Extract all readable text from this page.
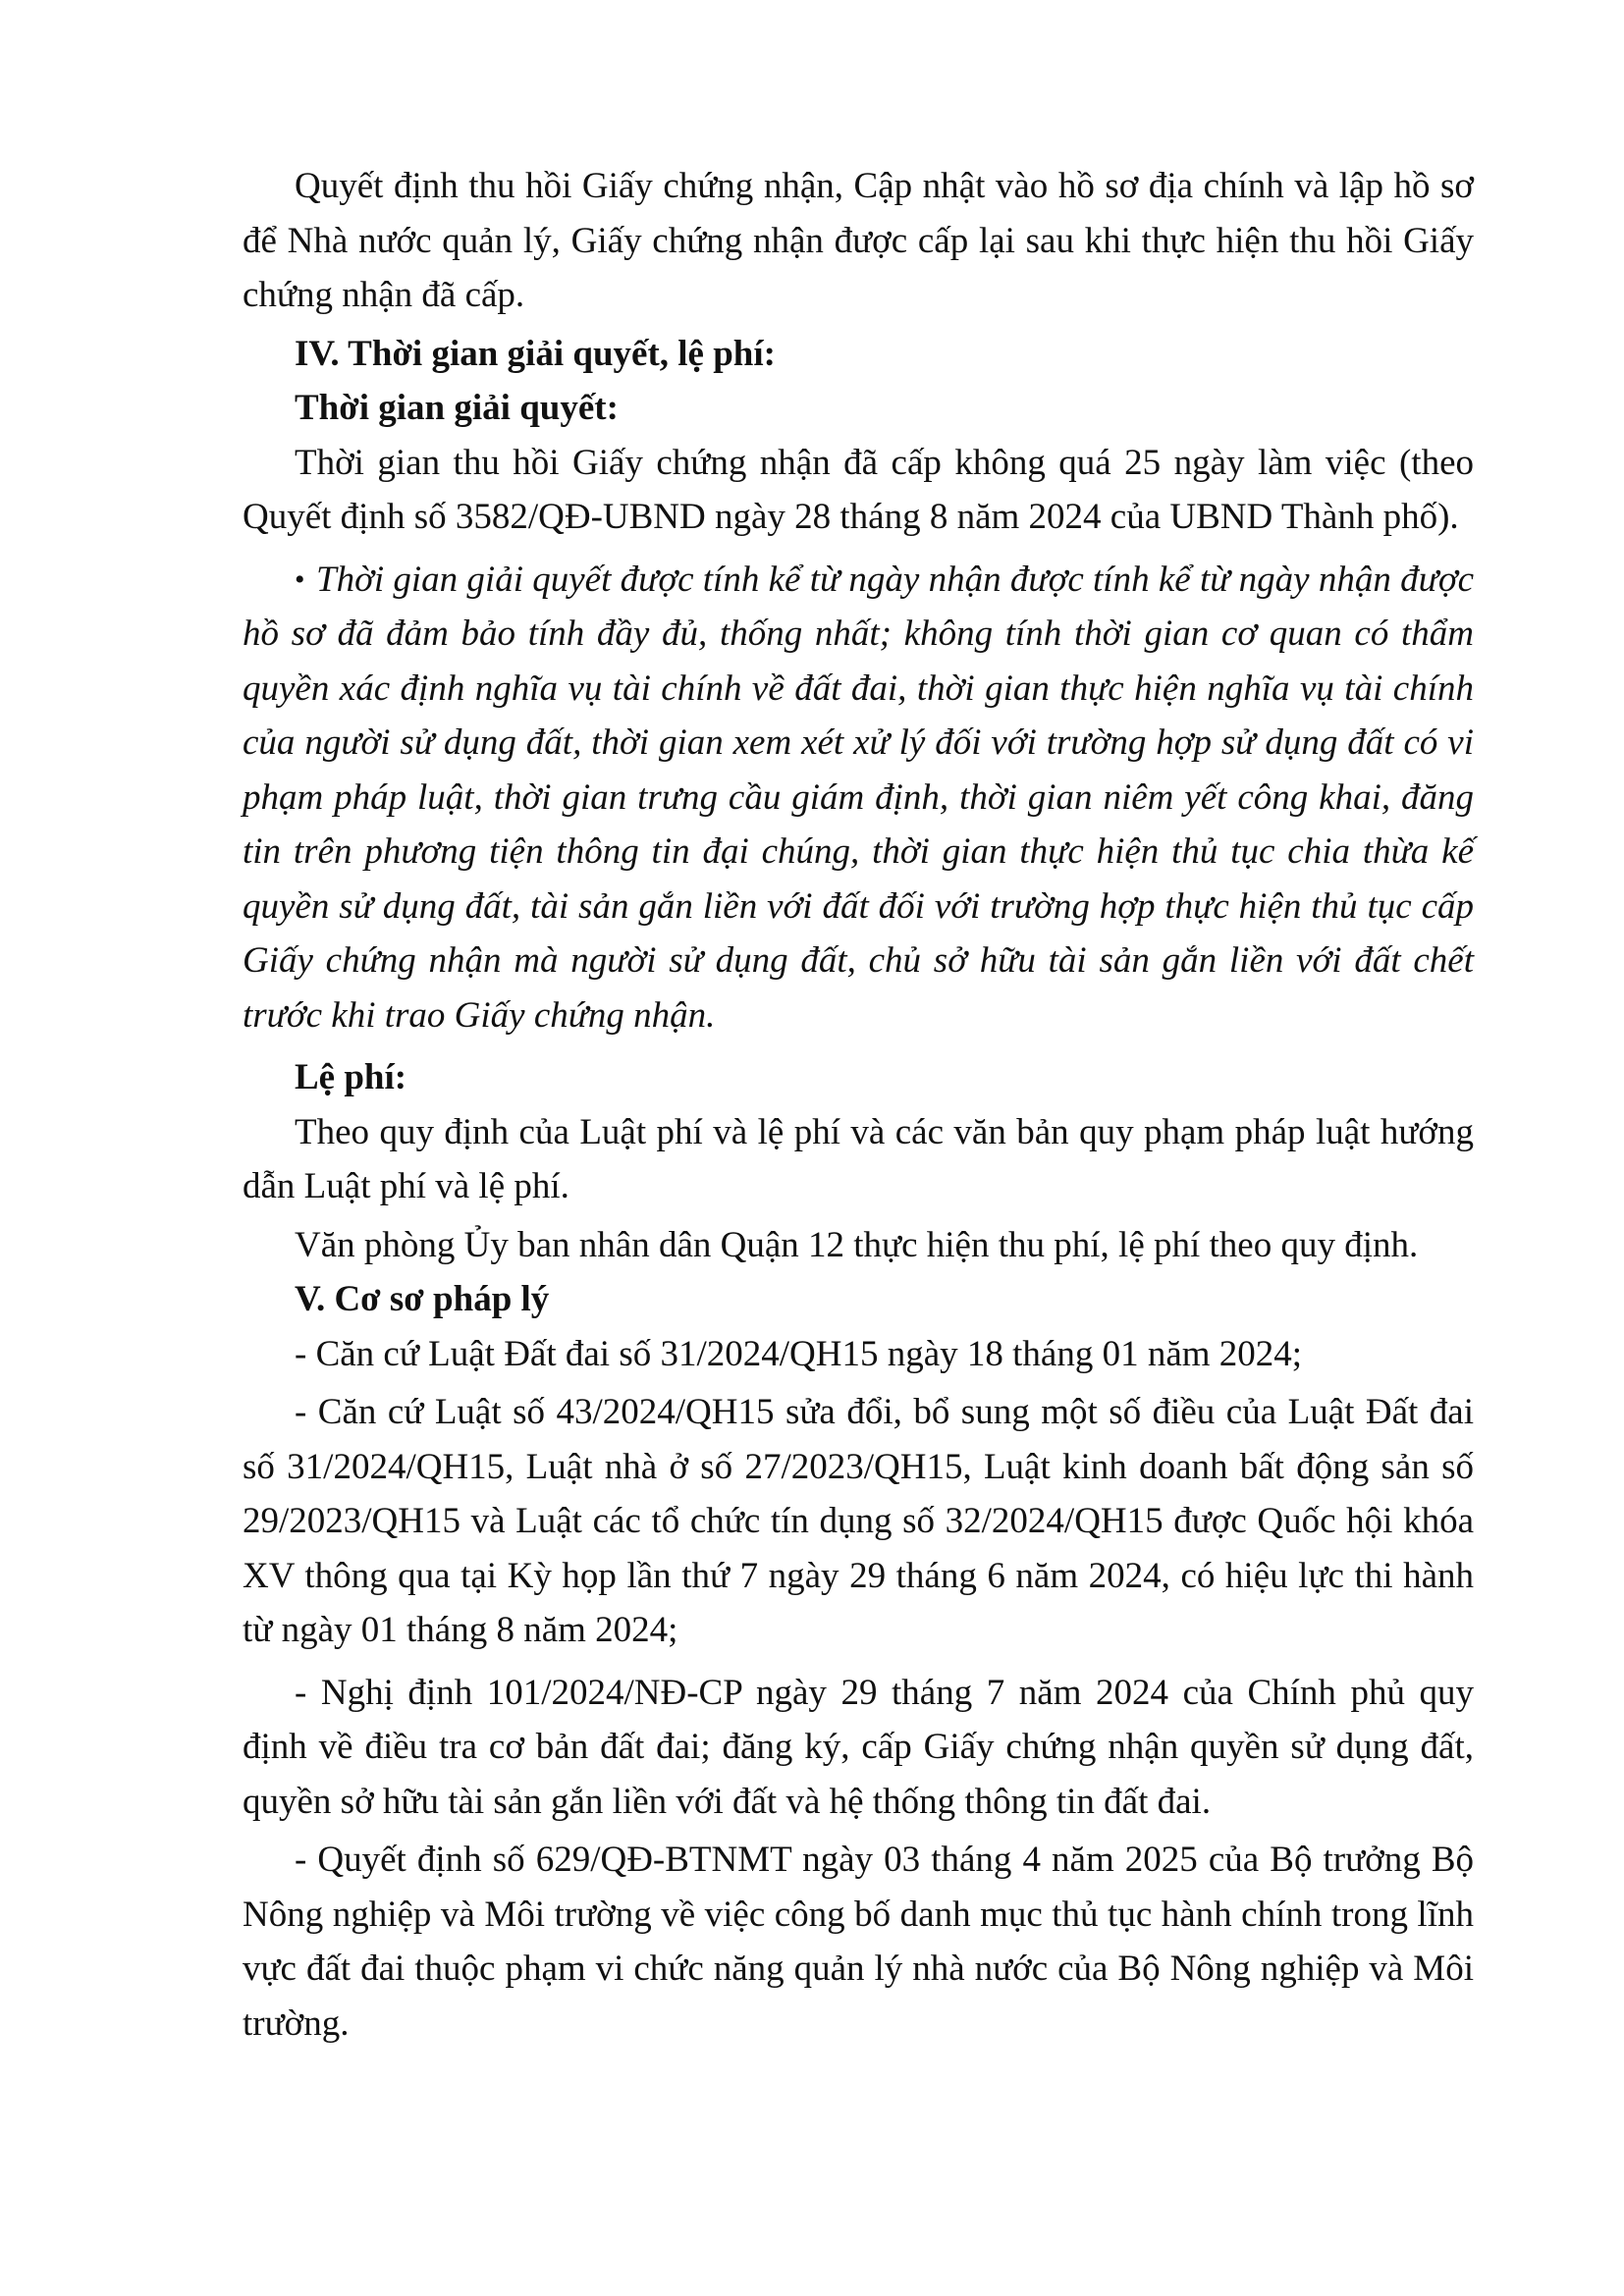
Quyết định thu hồi Giấy chứng nhận, Cập nhật vào hồ sơ địa chính và lập hồ sơ để Nhà nước quản lý, Giấy chứng nhận được cấp lại sau khi thực hiện thu hồi Giấy chứng nhận đã cấp.

IV. Thời gian giải quyết, lệ phí:

Thời gian giải quyết:

Thời gian thu hồi Giấy chứng nhận đã cấp không quá 25 ngày làm việc (theo Quyết định số 3582/QĐ-UBND ngày 28 tháng 8 năm 2024 của UBND Thành phố).

• Thời gian giải quyết được tính kể từ ngày nhận được tính kể từ ngày nhận được hồ sơ đã đảm bảo tính đầy đủ, thống nhất; không tính thời gian cơ quan có thẩm quyền xác định nghĩa vụ tài chính về đất đai, thời gian thực hiện nghĩa vụ tài chính của người sử dụng đất, thời gian xem xét xử lý đối với trường hợp sử dụng đất có vi phạm pháp luật, thời gian trưng cầu giám định, thời gian niêm yết công khai, đăng tin trên phương tiện thông tin đại chúng, thời gian thực hiện thủ tục chia thừa kế quyền sử dụng đất, tài sản gắn liền với đất đối với trường hợp thực hiện thủ tục cấp Giấy chứng nhận mà người sử dụng đất, chủ sở hữu tài sản gắn liền với đất chết trước khi trao Giấy chứng nhận.

Lệ phí:

Theo quy định của Luật phí và lệ phí và các văn bản quy phạm pháp luật hướng dẫn Luật phí và lệ phí.

Văn phòng Ủy ban nhân dân Quận 12 thực hiện thu phí, lệ phí theo quy định.

V. Cơ sơ pháp lý

- Căn cứ Luật Đất đai số 31/2024/QH15 ngày 18 tháng 01 năm 2024;

- Căn cứ Luật số 43/2024/QH15 sửa đổi, bổ sung một số điều của Luật Đất đai số 31/2024/QH15, Luật nhà ở số 27/2023/QH15, Luật kinh doanh bất động sản số 29/2023/QH15 và Luật các tổ chức tín dụng số 32/2024/QH15 được Quốc hội khóa XV thông qua tại Kỳ họp lần thứ 7 ngày 29 tháng 6 năm 2024, có hiệu lực thi hành từ ngày 01 tháng 8 năm 2024;

- Nghị định 101/2024/NĐ-CP ngày 29 tháng 7 năm 2024 của Chính phủ quy định về điều tra cơ bản đất đai; đăng ký, cấp Giấy chứng nhận quyền sử dụng đất, quyền sở hữu tài sản gắn liền với đất và hệ thống thông tin đất đai.

- Quyết định số 629/QĐ-BTNMT ngày 03 tháng 4 năm 2025 của Bộ trưởng Bộ Nông nghiệp và Môi trường về việc công bố danh mục thủ tục hành chính trong lĩnh vực đất đai thuộc phạm vi chức năng quản lý nhà nước của Bộ Nông nghiệp và Môi trường.
